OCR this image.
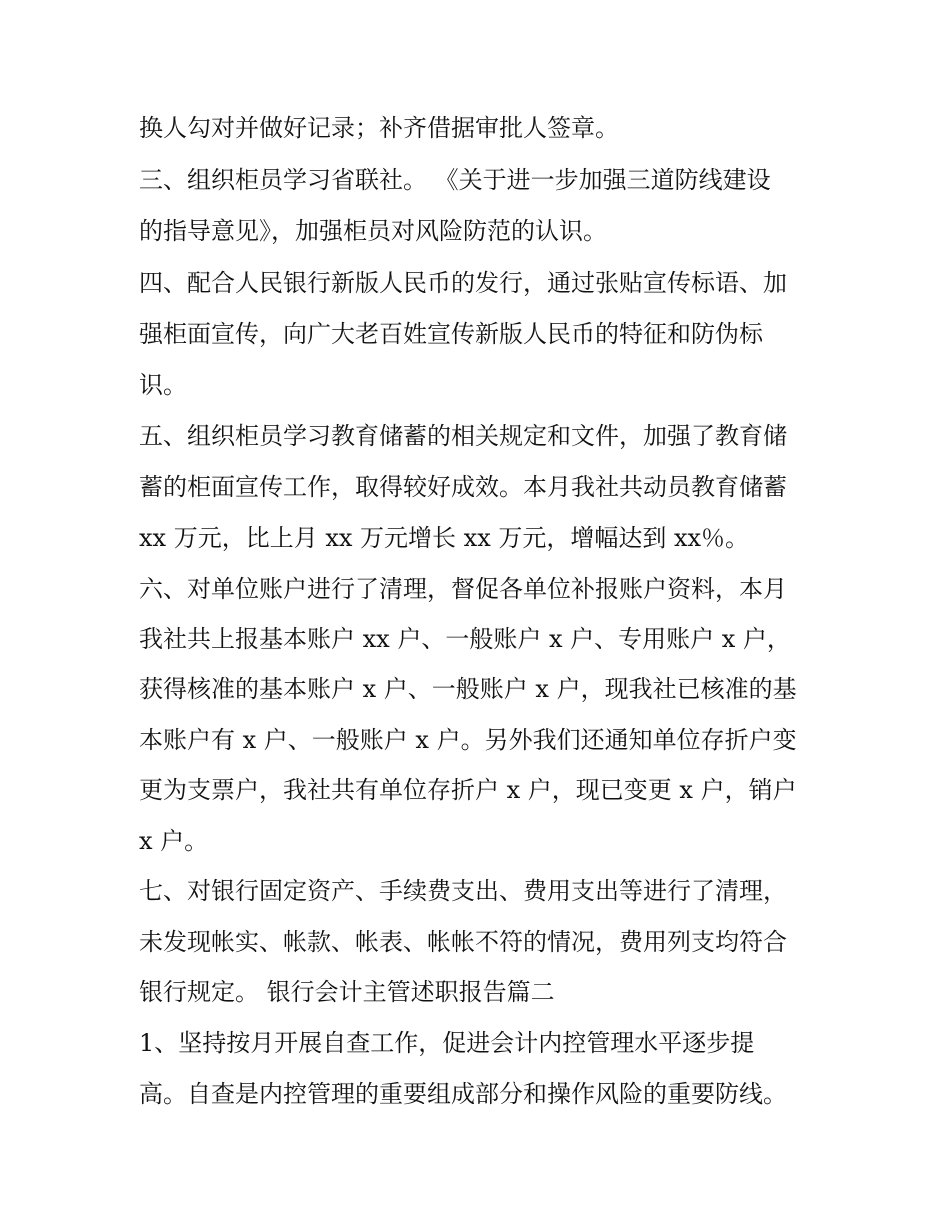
换人勾对并做好记录；补齐借据审批人签章。

三、组织柜员学习省联社。 《关于进一步加强三道防线建设

的指导意见》，加强柜员对风险防范的认识。

四、配合人民银行新版人民币的发行，通过张贴宣传标语、加

强柜面宣传，向广大老百姓宣传新版人民币的特征和防伪标

识。

五、组织柜员学习教育储蓄的相关规定和文件，加强了教育储

蓄的柜面宣传工作，取得较好成效。本月我社共动员教育储蓄

xx 万元，比上月 xx 万元增长 xx 万元，增幅达到 xx％。

六、对单位账户进行了清理，督促各单位补报账户资料，本月

我社共上报基本账户 xx 户、一般账户 x 户、专用账户 x 户，

获得核准的基本账户 x 户、一般账户 x 户，现我社已核准的基

本账户有 x 户、一般账户 x 户。另外我们还通知单位存折户变

更为支票户，我社共有单位存折户 x 户，现已变更 x 户，销户

x 户。

七、对银行固定资产、手续费支出、费用支出等进行了清理，

未发现帐实、帐款、帐表、帐帐不符的情况，费用列支均符合

银行规定。 银行会计主管述职报告篇二

1、坚持按月开展自查工作，促进会计内控管理水平逐步提

高。自查是内控管理的重要组成部分和操作风险的重要防线。
